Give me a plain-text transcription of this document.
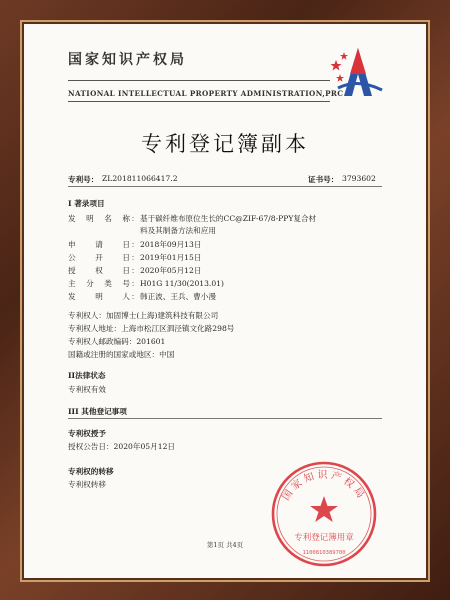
国家知识产权局
NATIONAL INTELLECTUAL PROPERTY ADMINISTRATION,PRC
专利登记簿副本
专利号： ZL201811066417.2	证书号： 3793602
I 著录项目
发明名称：基于碳纤维布原位生长的CC@ZIF-67/8-PPY复合材
料及其制备方法和应用
申请日：2018年09月13日
公开日：2019年01月15日
授权日：2020年05月12日
主分类号：H01G 11/30(2013.01)
发明人：韩正波、王兵、曹小漫
专利权人：加固博士(上海)建筑科技有限公司
专利权人地址：上海市松江区泗泾镇文化路298号
专利权人邮政编码：201601
国籍或注册的国家或地区：中国
II法律状态
专利权有效
III 其他登记事项
专利权授予
授权公告日：2020年05月12日
专利权的转移
专利权转移
国家知识产权局
专利登记簿用章
1100810389700
第1页 共4页
